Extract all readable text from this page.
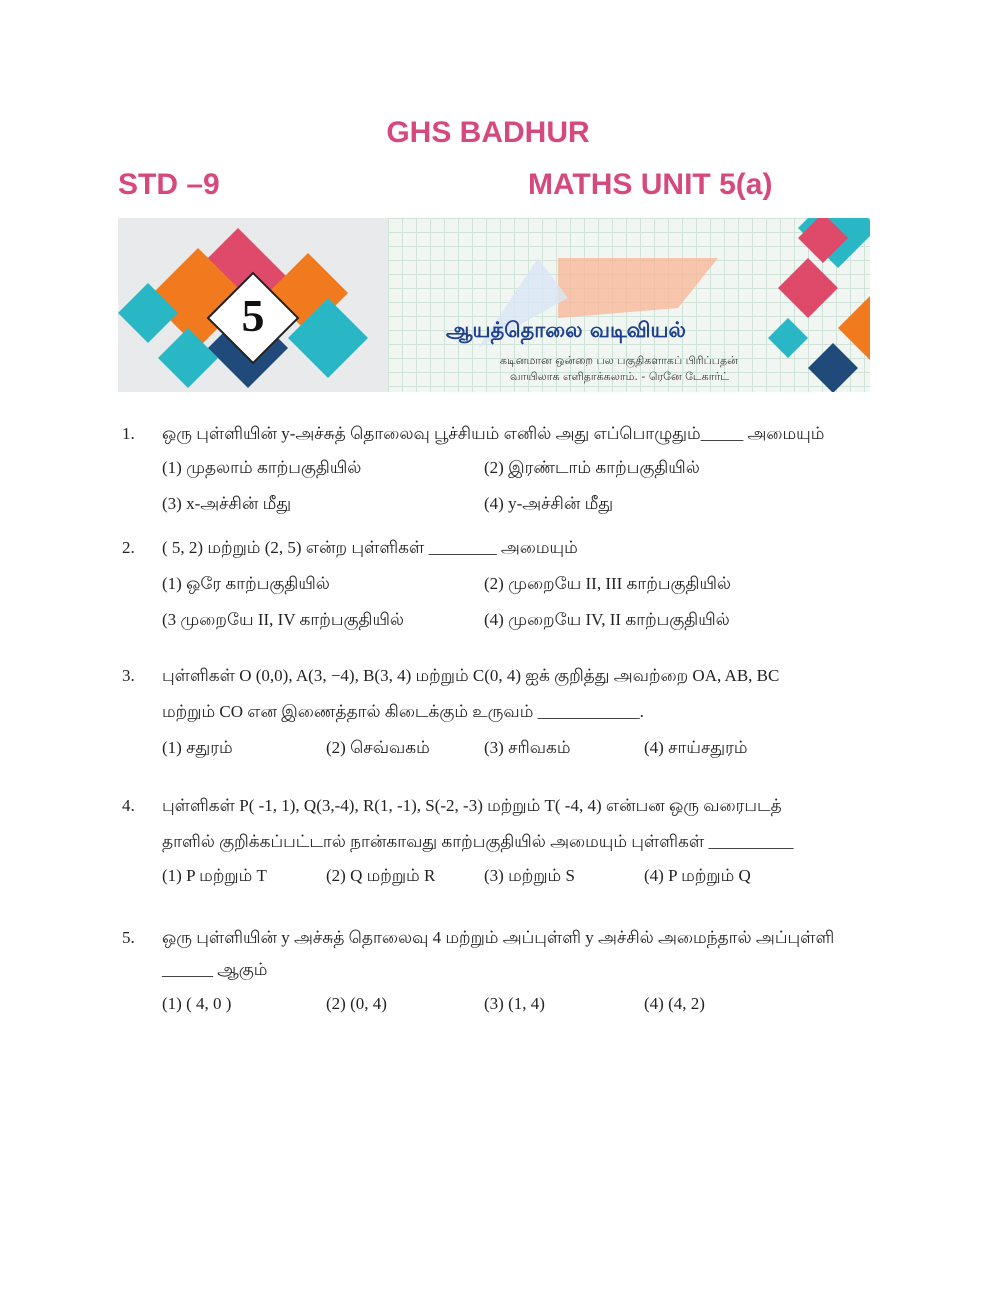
GHS BADHUR
STD –9	MATHS UNIT 5(a)
5	ஆயத்தொலை வடிவியல்
கடினமான ஒன்றை பல பகுதிகளாகப் பிரிப்பதன்
வாயிலாக எளிதாக்கலாம். - ரெனே டேகார்ட்
1. ஒரு புள்ளியின் y-அச்சுத் தொலைவு பூச்சியம் எனில் அது எப்பொழுதும்_____ அமையும்
(1) முதலாம் காற்பகுதியில்	(2) இரண்டாம் காற்பகுதியில்
(3) x-அச்சின் மீது	(4) y-அச்சின் மீது
2. ( 5, 2) மற்றும் (2, 5) என்ற புள்ளிகள் ________ அமையும்
(1) ஒரே காற்பகுதியில்	(2) முறையே II, III காற்பகுதியில்
(3 முறையே II, IV காற்பகுதியில்	(4) முறையே IV, II காற்பகுதியில்
3. புள்ளிகள் O (0,0), A(3, −4), B(3, 4) மற்றும் C(0, 4) ஐக் குறித்து அவற்றை OA, AB, BC
மற்றும் CO என இணைத்தால் கிடைக்கும் உருவம் ____________.
(1) சதுரம்	(2) செவ்வகம்	(3) சரிவகம்	(4) சாய்சதுரம்
4. புள்ளிகள் P( -1, 1), Q(3,-4), R(1, -1), S(-2, -3) மற்றும் T( -4, 4) என்பன ஒரு வரைபடத்
தாளில் குறிக்கப்பட்டால் நான்காவது காற்பகுதியில் அமையும் புள்ளிகள் __________
(1) P மற்றும் T	(2) Q மற்றும் R	(3) மற்றும் S	(4) P மற்றும் Q
5. ஒரு புள்ளியின் y அச்சுத் தொலைவு 4 மற்றும் அப்புள்ளி y அச்சில் அமைந்தால் அப்புள்ளி
______ ஆகும்
(1) ( 4, 0 )	(2) (0, 4)	(3) (1, 4)	(4) (4, 2)
